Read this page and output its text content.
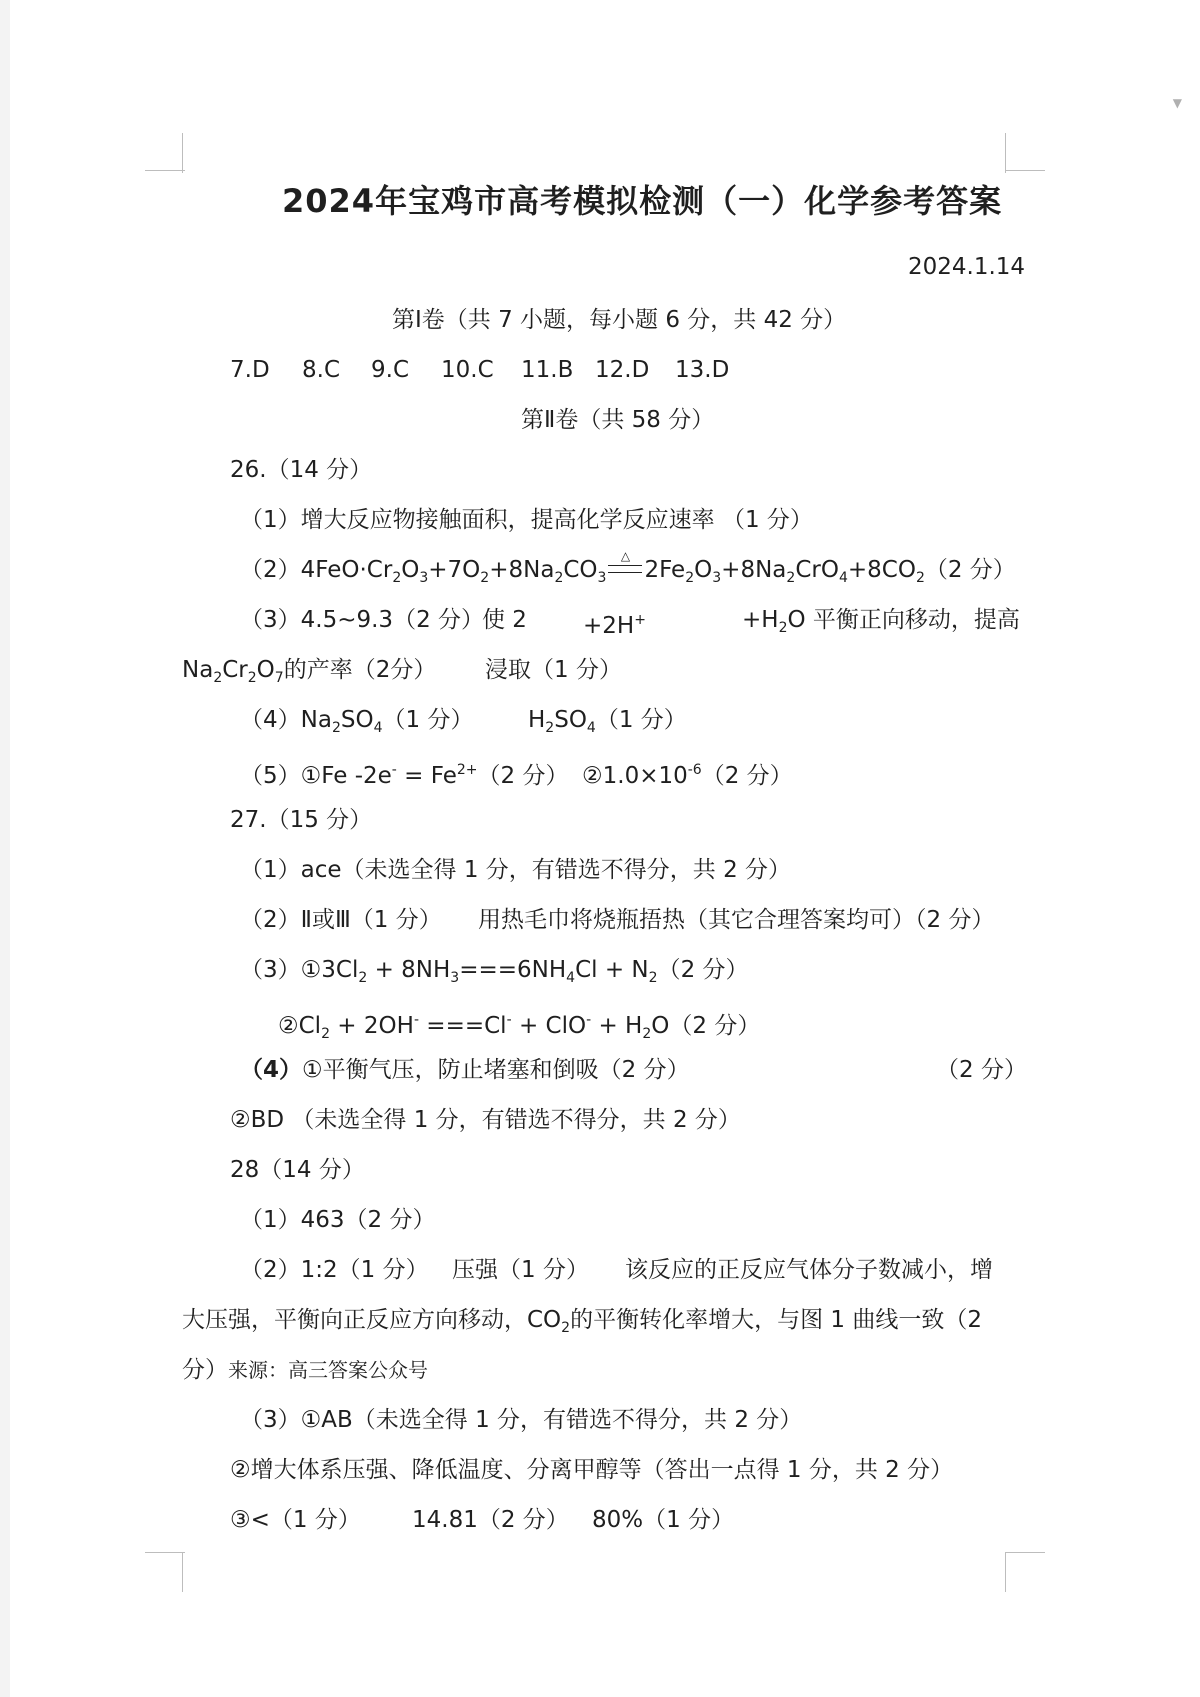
▼
2024年宝鸡市高考模拟检测（一）化学参考答案
2024.1.14
第Ⅰ卷（共 7 小题，每小题 6 分，共 42 分）
7.D 8.C 9.C 10.C 11.B 12.D 13.D
第Ⅱ卷（共 58 分）
26.（14 分）
（1）增大反应物接触面积，提高化学反应速率 （1 分）
$(2)4FeO\cdot Cr_2O_3+7O_2+8Na_2CO_3$
△
$2Fe_2O_3+8Na_2CrO_4+8CO_2(2$ 分）
（3）4.5~9.3（2 分）
使 2 +2H+	$+H_2O$ 平衡正向移动，提高
$Na_2Cr_2O_7$的产率（2分） 浸取（1 分）
$(4)Na_2SO_4(1$ 分） $H_2SO_4(1$ 分）
（5）①Fe $-2e^- = Fe^{2+}(2$ 分） $②1.0\times 10^{-6}(2$ 分）
27.（15 分）
（1）ace（未选全得 1 分，有错选不得分，共 2 分）
（2）Ⅱ或Ⅲ（1 分） 用热毛巾将烧瓶捂热（其它合理答案均可）（2 分）
$(3)①3Cl_2 + 8NH_3===6NH_4Cl + N_2(2$ 分）
$②Cl_2 + 2OH^- ===Cl^- + ClO^- + H_2O(2$ 分）
（4）①平衡气压，防止堵塞和倒吸（2 分）	（2 分）
②BD （未选全得 1 分，有错选不得分，共 2 分）
28（14 分）
（1）463（2 分）
（2）1:2（1 分） 压强（1 分） 该反应的正反应气体分子数减小，增
大压强，平衡向正反应方向移动，$CO_2$的平衡转化率增大，与图 1 曲线一致（2
分）来源：高三答案公众号
（3）①AB（未选全得 1 分，有错选不得分，共 2 分）
②增大体系压强、降低温度、分离甲醇等（答出一点得 1 分，共 2 分）
③<（1 分） 14.81（2 分） 80%（1 分）
